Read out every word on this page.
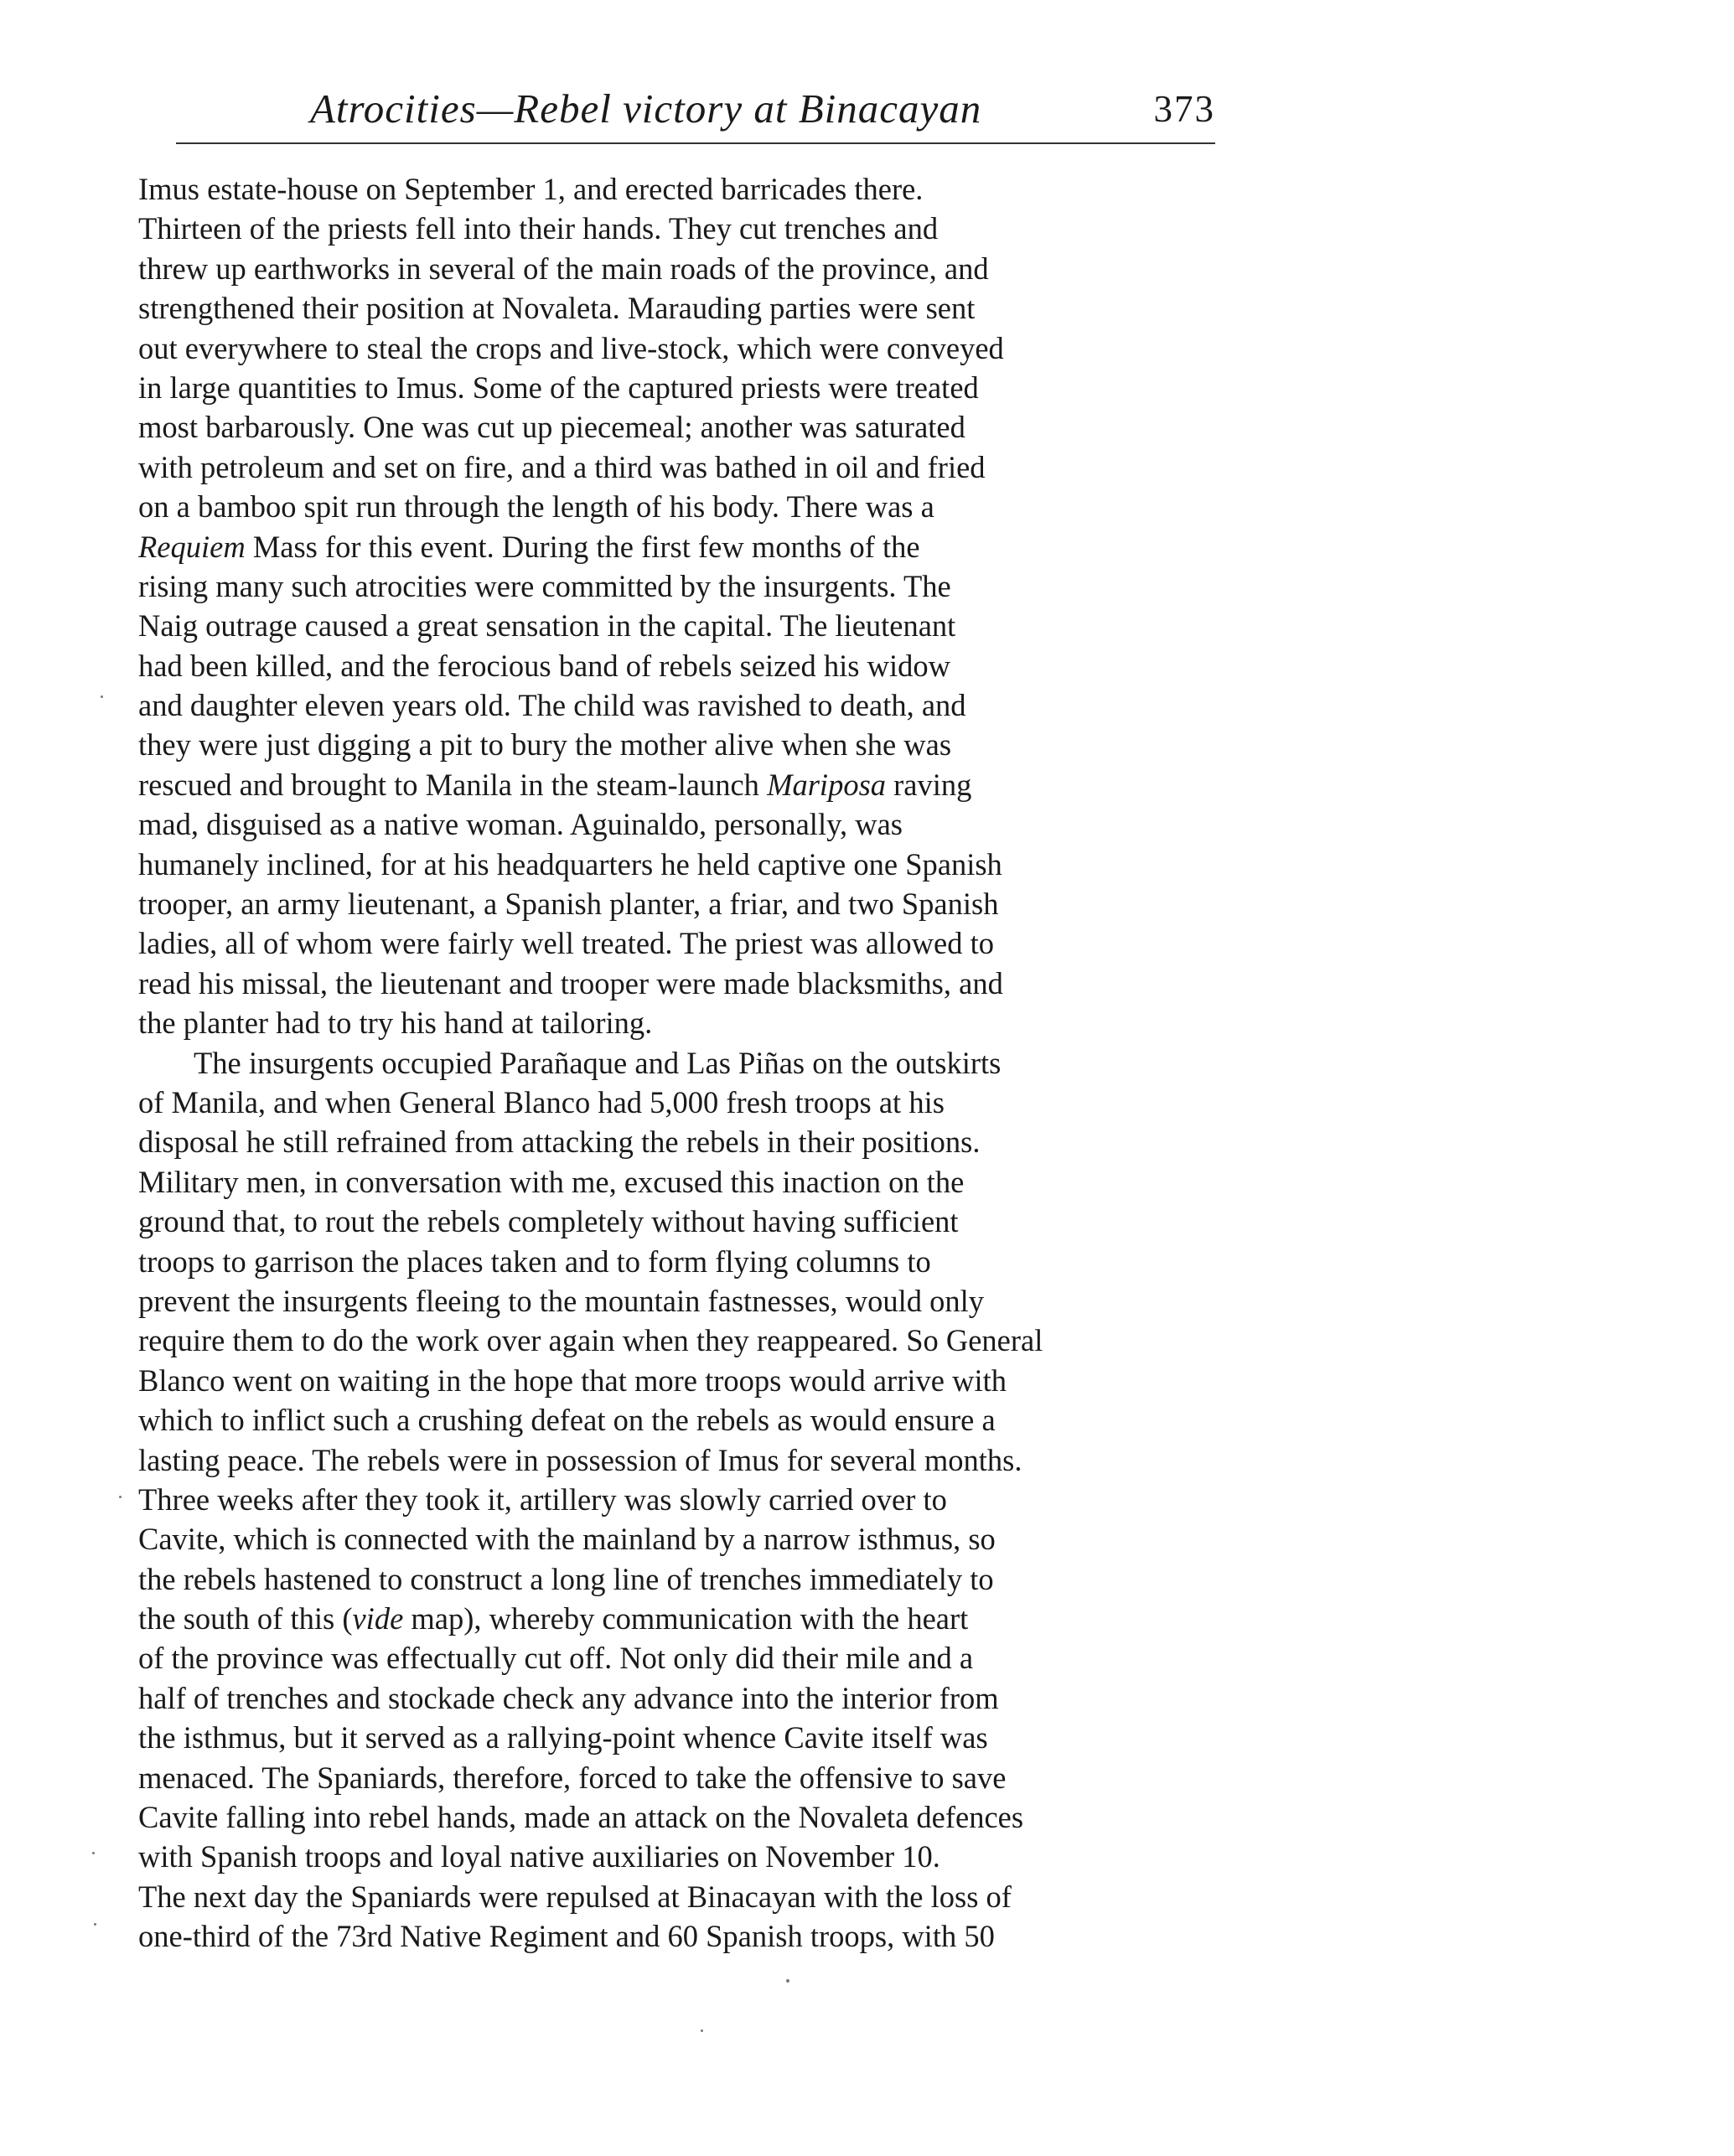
Atrocities—Rebel victory at Binacayan	373
Imus estate-house on September 1, and erected barricades there.
Thirteen of the priests fell into their hands. They cut trenches and
threw up earthworks in several of the main roads of the province, and
strengthened their position at Novaleta. Marauding parties were sent
out everywhere to steal the crops and live-stock, which were conveyed
in large quantities to Imus. Some of the captured priests were treated
most barbarously. One was cut up piecemeal; another was saturated
with petroleum and set on fire, and a third was bathed in oil and fried
on a bamboo spit run through the length of his body. There was a
Requiem Mass for this event. During the first few months of the
rising many such atrocities were committed by the insurgents. The
Naig outrage caused a great sensation in the capital. The lieutenant
had been killed, and the ferocious band of rebels seized his widow
and daughter eleven years old. The child was ravished to death, and
they were just digging a pit to bury the mother alive when she was
rescued and brought to Manila in the steam-launch Mariposa raving
mad, disguised as a native woman. Aguinaldo, personally, was
humanely inclined, for at his headquarters he held captive one Spanish
trooper, an army lieutenant, a Spanish planter, a friar, and two Spanish
ladies, all of whom were fairly well treated. The priest was allowed to
read his missal, the lieutenant and trooper were made blacksmiths, and
the planter had to try his hand at tailoring.
The insurgents occupied Parañaque and Las Piñas on the outskirts
of Manila, and when General Blanco had 5,000 fresh troops at his
disposal he still refrained from attacking the rebels in their positions.
Military men, in conversation with me, excused this inaction on the
ground that, to rout the rebels completely without having sufficient
troops to garrison the places taken and to form flying columns to
prevent the insurgents fleeing to the mountain fastnesses, would only
require them to do the work over again when they reappeared. So General
Blanco went on waiting in the hope that more troops would arrive with
which to inflict such a crushing defeat on the rebels as would ensure a
lasting peace. The rebels were in possession of Imus for several months.
Three weeks after they took it, artillery was slowly carried over to
Cavite, which is connected with the mainland by a narrow isthmus, so
the rebels hastened to construct a long line of trenches immediately to
the south of this (vide map), whereby communication with the heart
of the province was effectually cut off. Not only did their mile and a
half of trenches and stockade check any advance into the interior from
the isthmus, but it served as a rallying-point whence Cavite itself was
menaced. The Spaniards, therefore, forced to take the offensive to save
Cavite falling into rebel hands, made an attack on the Novaleta defences
with Spanish troops and loyal native auxiliaries on November 10.
The next day the Spaniards were repulsed at Binacayan with the loss of
one-third of the 73rd Native Regiment and 60 Spanish troops, with 50
